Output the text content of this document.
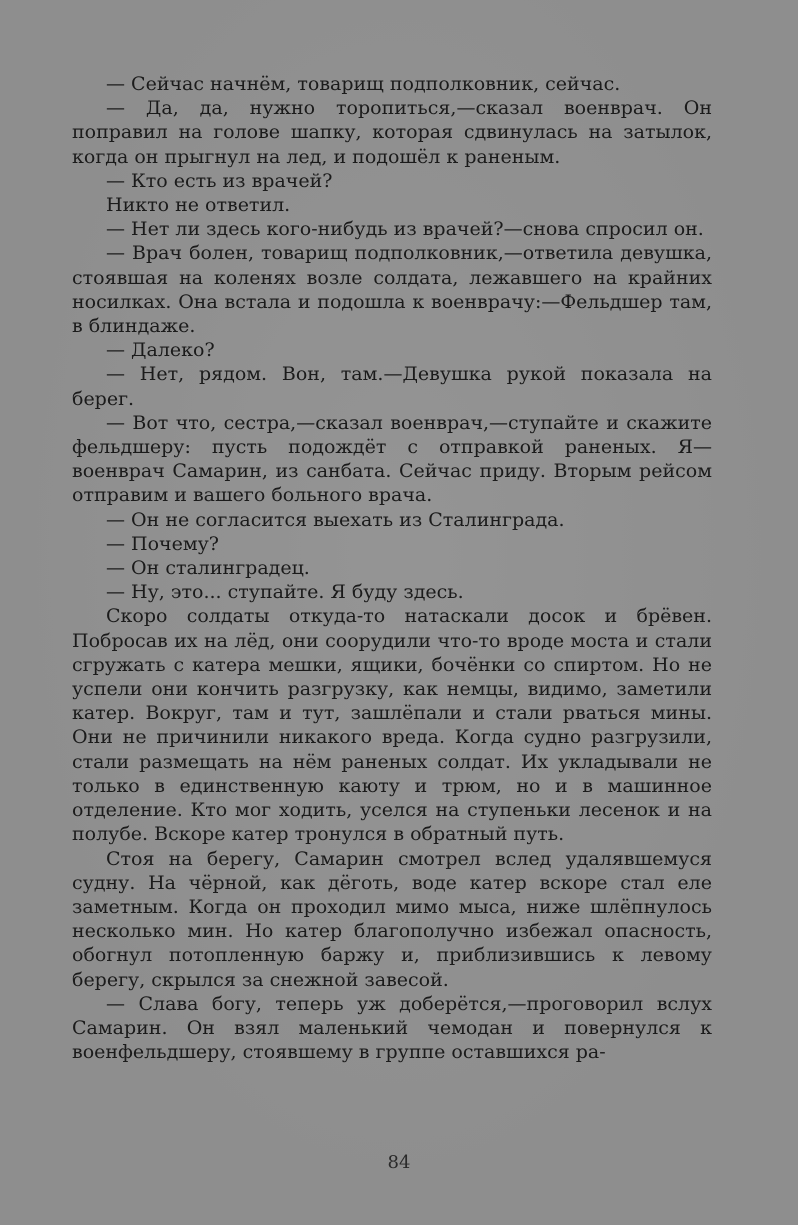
— Сейчас начнём, товарищ подполковник, сейчас.

— Да, да, нужно торопиться,—сказал военврач. Он поправил на голове шапку, которая сдвинулась на затылок, когда он прыгнул на лед, и подошёл к раненым.

— Кто есть из врачей?

Никто не ответил.

— Нет ли здесь кого-нибудь из врачей?—снова спросил он.

— Врач болен, товарищ подполковник,—ответила девушка, стоявшая на коленях возле солдата, лежавшего на крайних носилках. Она встала и подошла к военврачу:—Фельдшер там, в блиндаже.

— Далеко?

— Нет, рядом. Вон, там.—Девушка рукой показала на берег.

— Вот что, сестра,—сказал военврач,—ступайте и скажите фельдшеру: пусть подождёт с отправкой раненых. Я—военврач Самарин, из санбата. Сейчас приду. Вторым рейсом отправим и вашего больного врача.

— Он не согласится выехать из Сталинграда.

— Почему?

— Он сталинградец.

— Ну, это... ступайте. Я буду здесь.

Скоро солдаты откуда-то натаскали досок и брёвен. Побросав их на лёд, они соорудили что-то вроде моста и стали сгружать с катера мешки, ящики, бочёнки со спиртом. Но не успели они кончить разгрузку, как немцы, видимо, заметили катер. Вокруг, там и тут, зашлёпали и стали рваться мины. Они не причинили никакого вреда. Когда судно разгрузили, стали размещать на нём раненых солдат. Их укладывали не только в единственную каюту и трюм, но и в машинное отделение. Кто мог ходить, уселся на ступеньки лесенок и на полубе. Вскоре катер тронулся в обратный путь.

Стоя на берегу, Самарин смотрел вслед удалявшемуся судну. На чёрной, как дёготь, воде катер вскоре стал еле заметным. Когда он проходил мимо мыса, ниже шлёпнулось несколько мин. Но катер благополучно избежал опасность, обогнул потопленную баржу и, приблизившись к левому берегу, скрылся за снежной завесой.

— Слава богу, теперь уж доберётся,—проговорил вслух Самарин. Он взял маленький чемодан и повернулся к военфельдшеру, стоявшему в группе оставшихся ра-

84
